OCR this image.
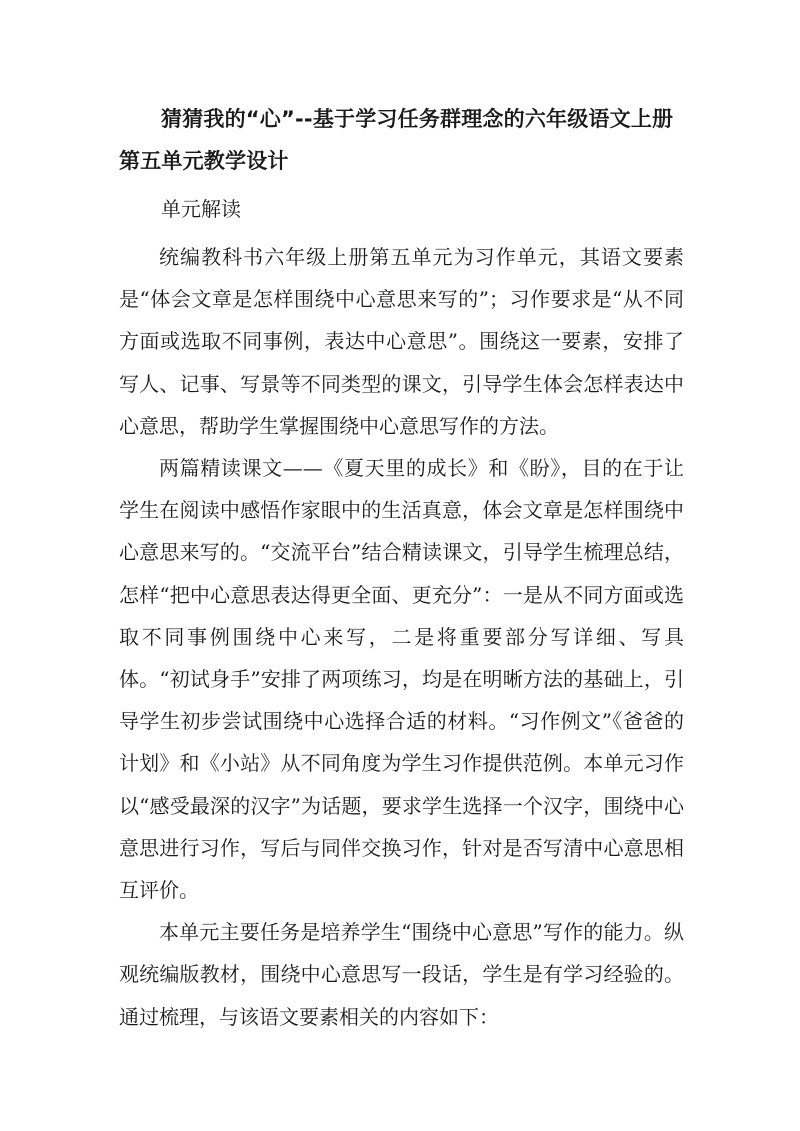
猜猜我的“心”--基于学习任务群理念的六年级语文上册第五单元教学设计

单元解读

统编教科书六年级上册第五单元为习作单元，其语文要素是“体会文章是怎样围绕中心意思来写的”；习作要求是“从不同方面或选取不同事例，表达中心意思”。围绕这一要素，安排了写人、记事、写景等不同类型的课文，引导学生体会怎样表达中心意思，帮助学生掌握围绕中心意思写作的方法。

两篇精读课文——《夏天里的成长》和《盼》，目的在于让学生在阅读中感悟作家眼中的生活真意，体会文章是怎样围绕中心意思来写的。“交流平台”结合精读课文，引导学生梳理总结，怎样“把中心意思表达得更全面、更充分”：一是从不同方面或选取不同事例围绕中心来写，二是将重要部分写详细、写具体。“初试身手”安排了两项练习，均是在明晰方法的基础上，引导学生初步尝试围绕中心选择合适的材料。“习作例文”《爸爸的计划》和《小站》从不同角度为学生习作提供范例。本单元习作以“感受最深的汉字”为话题，要求学生选择一个汉字，围绕中心意思进行习作，写后与同伴交换习作，针对是否写清中心意思相互评价。

本单元主要任务是培养学生“围绕中心意思”写作的能力。纵观统编版教材，围绕中心意思写一段话，学生是有学习经验的。通过梳理，与该语文要素相关的内容如下：
